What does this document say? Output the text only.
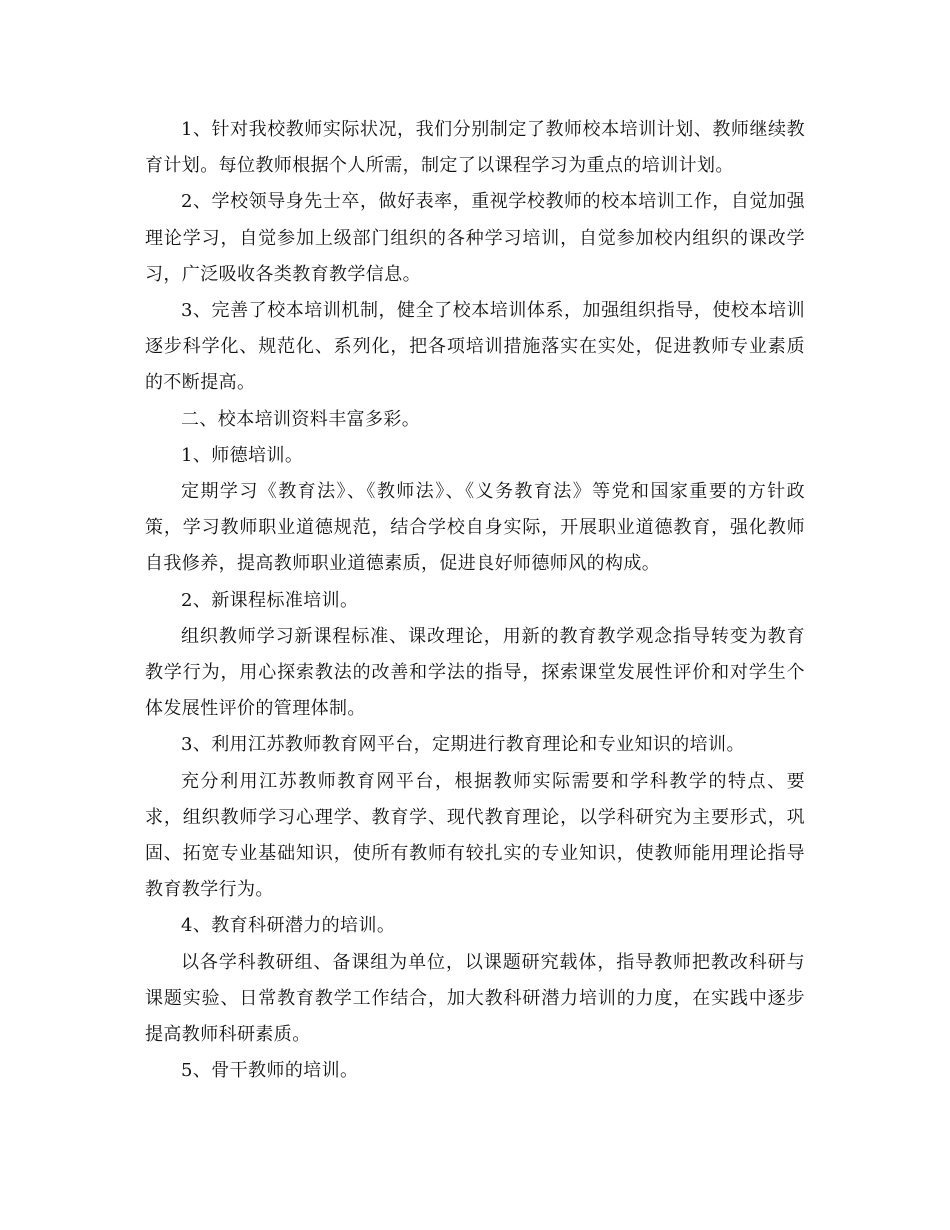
1、针对我校教师实际状况，我们分别制定了教师校本培训计划、教师继续教育计划。每位教师根据个人所需，制定了以课程学习为重点的培训计划。

2、学校领导身先士卒，做好表率，重视学校教师的校本培训工作，自觉加强理论学习，自觉参加上级部门组织的各种学习培训，自觉参加校内组织的课改学习，广泛吸收各类教育教学信息。

3、完善了校本培训机制，健全了校本培训体系，加强组织指导，使校本培训逐步科学化、规范化、系列化，把各项培训措施落实在实处，促进教师专业素质的不断提高。

二、校本培训资料丰富多彩。

1、师德培训。

定期学习《教育法》、《教师法》、《义务教育法》等党和国家重要的方针政策，学习教师职业道德规范，结合学校自身实际，开展职业道德教育，强化教师自我修养，提高教师职业道德素质，促进良好师德师风的构成。

2、新课程标准培训。

组织教师学习新课程标准、课改理论，用新的教育教学观念指导转变为教育教学行为，用心探索教法的改善和学法的指导，探索课堂发展性评价和对学生个体发展性评价的管理体制。

3、利用江苏教师教育网平台，定期进行教育理论和专业知识的培训。

充分利用江苏教师教育网平台，根据教师实际需要和学科教学的特点、要求，组织教师学习心理学、教育学、现代教育理论，以学科研究为主要形式，巩固、拓宽专业基础知识，使所有教师有较扎实的专业知识，使教师能用理论指导教育教学行为。

4、教育科研潜力的培训。

以各学科教研组、备课组为单位，以课题研究载体，指导教师把教改科研与课题实验、日常教育教学工作结合，加大教科研潜力培训的力度，在实践中逐步提高教师科研素质。

5、骨干教师的培训。
